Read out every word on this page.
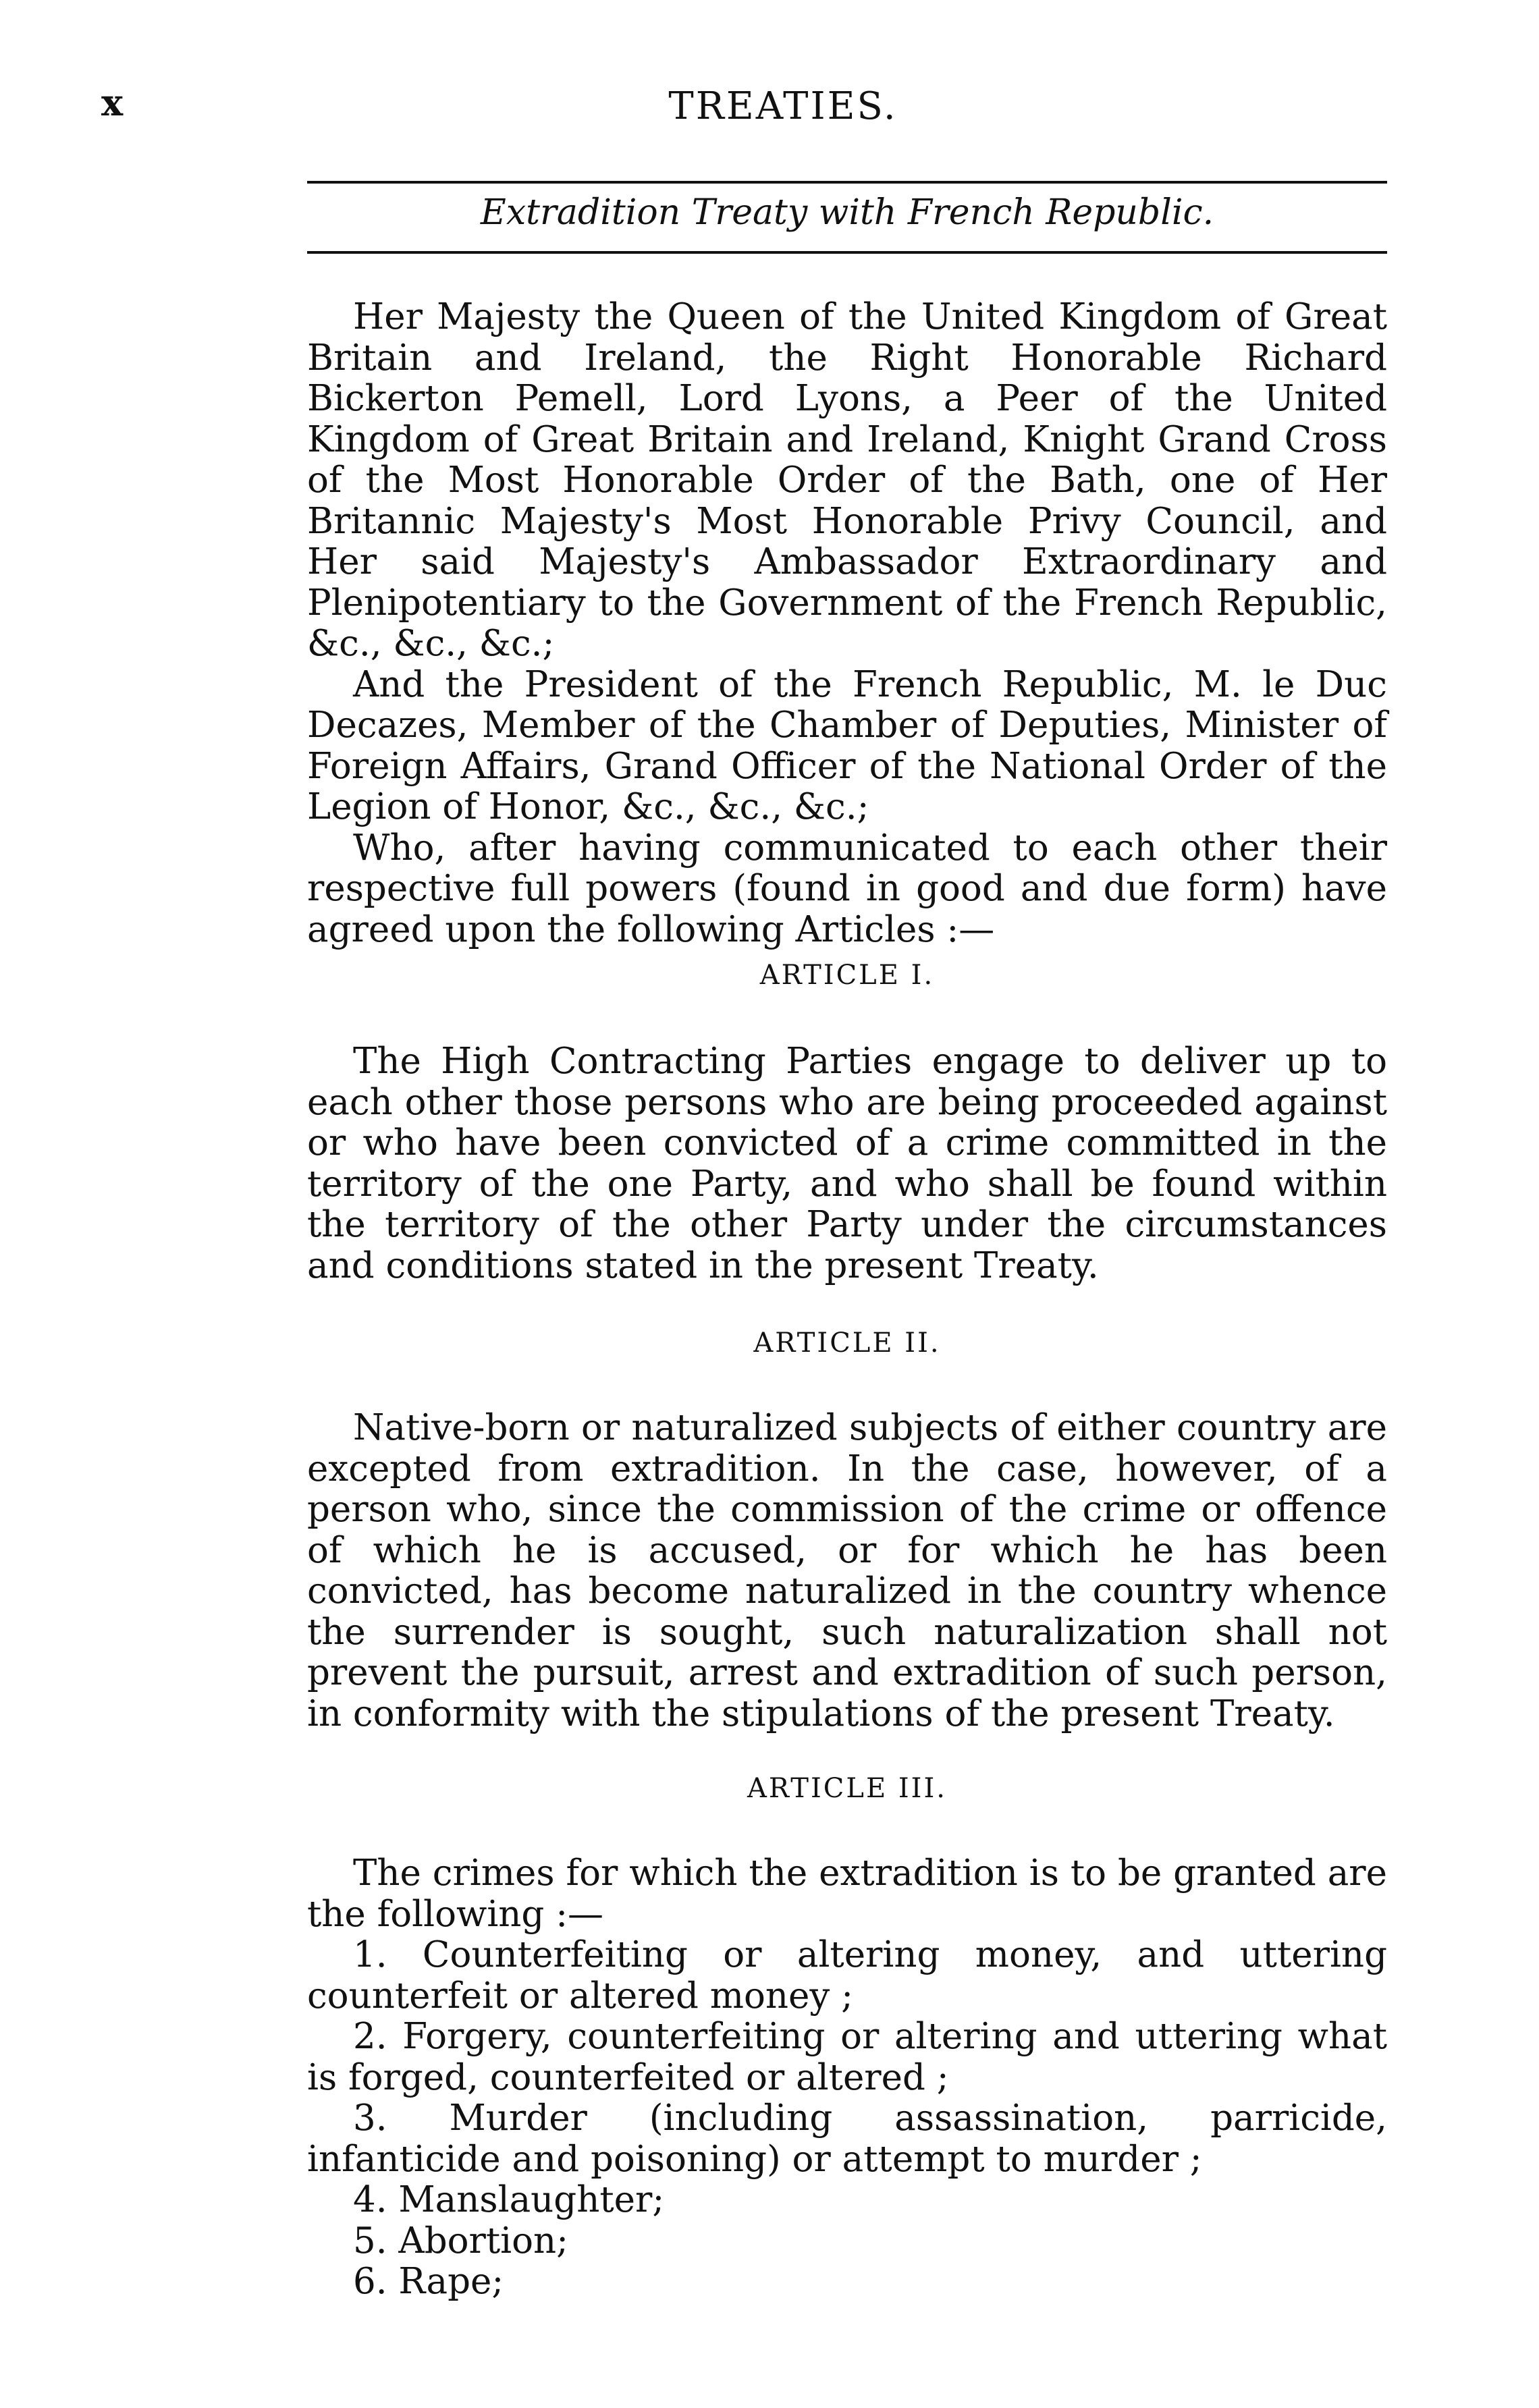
x	TREATIES.
Extradition Treaty with French Republic.

Her Majesty the Queen of the United Kingdom of Great Britain and Ireland, the Right Honorable Richard Bickerton Pemell, Lord Lyons, a Peer of the United Kingdom of Great Britain and Ireland, Knight Grand Cross of the Most Honorable Order of the Bath, one of Her Britannic Majesty's Most Honorable Privy Council, and Her said Majesty's Ambassador Extraordinary and Plenipotentiary to the Government of the French Republic, &c., &c., &c.;

And the President of the French Republic, M. le Duc Decazes, Member of the Chamber of Deputies, Minister of Foreign Affairs, Grand Officer of the National Order of the Legion of Honor, &c., &c., &c.;

Who, after having communicated to each other their respective full powers (found in good and due form) have agreed upon the following Articles :—

ARTICLE I.

The High Contracting Parties engage to deliver up to each other those persons who are being proceeded against or who have been convicted of a crime committed in the territory of the one Party, and who shall be found within the territory of the other Party under the circumstances and conditions stated in the present Treaty.

ARTICLE II.

Native-born or naturalized subjects of either country are excepted from extradition. In the case, however, of a person who, since the commission of the crime or offence of which he is accused, or for which he has been convicted, has become naturalized in the country whence the surrender is sought, such naturalization shall not prevent the pursuit, arrest and extradition of such person, in conformity with the stipulations of the present Treaty.

ARTICLE III.

The crimes for which the extradition is to be granted are the following :—

1. Counterfeiting or altering money, and uttering counterfeit or altered money ;

2. Forgery, counterfeiting or altering and uttering what is forged, counterfeited or altered ;

3. Murder (including assassination, parricide, infanticide and poisoning) or attempt to murder ;

4. Manslaughter;

5. Abortion;

6. Rape;
